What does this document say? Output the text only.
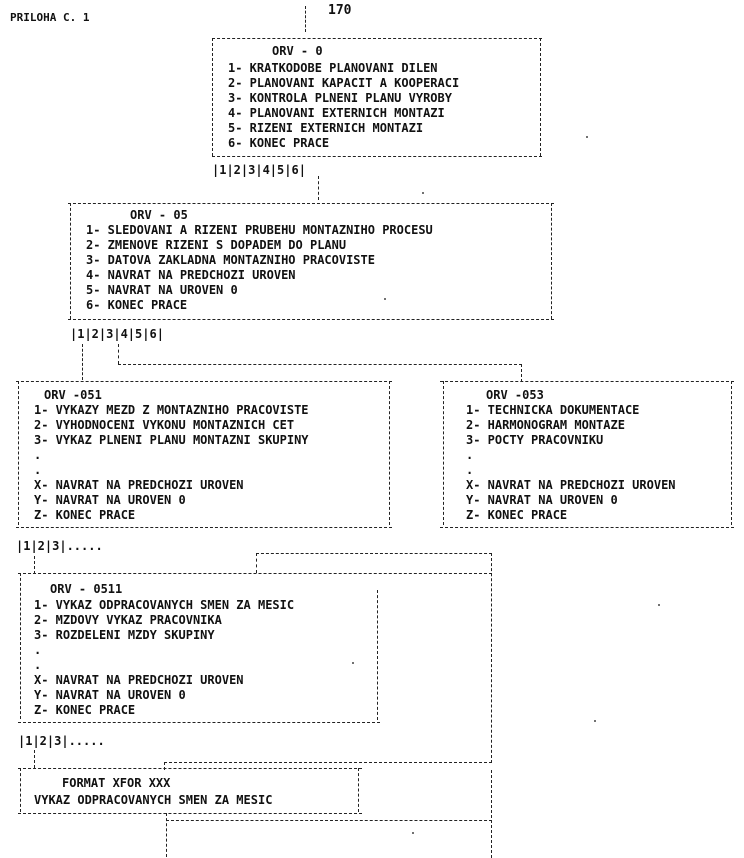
PRILOHA C. 1	170
ORV - 0
1- KRATKODOBE PLANOVANI DILEN
2- PLANOVANI KAPACIT A KOOPERACI
3- KONTROLA PLNENI PLANU VYROBY
4- PLANOVANI EXTERNICH MONTAZI
5- RIZENI EXTERNICH MONTAZI
6- KONEC PRACE
|1|2|3|4|5|6|
ORV - 05
1- SLEDOVANI A RIZENI PRUBEHU MONTAZNIHO PROCESU
2- ZMENOVE RIZENI S DOPADEM DO PLANU
3- DATOVA ZAKLADNA MONTAZNIHO PRACOVISTE
4- NAVRAT NA PREDCHOZI UROVEN
5- NAVRAT NA UROVEN 0
6- KONEC PRACE
|1|2|3|4|5|6|
ORV -051
1- VYKAZY MEZD Z MONTAZNIHO PRACOVISTE
2- VYHODNOCENI VYKONU MONTAZNICH CET
3- VYKAZ PLNENI PLANU MONTAZNI SKUPINY
.
.
X- NAVRAT NA PREDCHOZI UROVEN
Y- NAVRAT NA UROVEN 0
Z- KONEC PRACE
|1|2|3|.....
ORV -053
1- TECHNICKA DOKUMENTACE
2- HARMONOGRAM MONTAZE
3- POCTY PRACOVNIKU
.
.
X- NAVRAT NA PREDCHOZI UROVEN
Y- NAVRAT NA UROVEN 0
Z- KONEC PRACE
ORV - 0511
1- VYKAZ ODPRACOVANYCH SMEN ZA MESIC
2- MZDOVY VYKAZ PRACOVNIKA
3- ROZDELENI MZDY SKUPINY
.
.
X- NAVRAT NA PREDCHOZI UROVEN
Y- NAVRAT NA UROVEN 0
Z- KONEC PRACE
|1|2|3|.....
FORMAT XFOR XXX
VYKAZ ODPRACOVANYCH SMEN ZA MESIC
